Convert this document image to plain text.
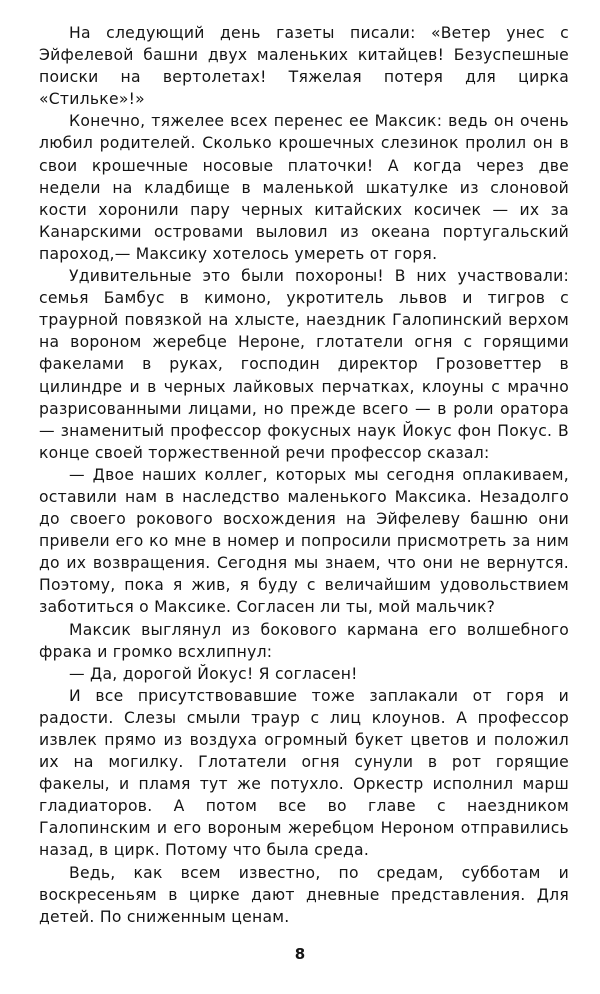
На следующий день газеты писали: «Ветер унес с Эйфелевой башни двух маленьких китайцев! Безуспешные поиски на вертолетах! Тяжелая потеря для цирка «Стильке»!»

Конечно, тяжелее всех перенес ее Максик: ведь он очень любил родителей. Сколько крошечных слезинок пролил он в свои крошечные носовые платочки! А когда через две недели на кладбище в маленькой шкатулке из слоновой кости хоронили пару черных китайских косичек — их за Канарскими островами выловил из океана португальский пароход,— Максику хотелось умереть от горя.

Удивительные это были похороны! В них участвовали: семья Бамбус в кимоно, укротитель львов и тигров с траурной повязкой на хлысте, наездник Галопинский верхом на вороном жеребце Нероне, глотатели огня с горящими факелами в руках, господин директор Грозоветтер в цилиндре и в черных лайковых перчатках, клоуны с мрачно разрисованными лицами, но прежде всего — в роли оратора — знаменитый профессор фокусных наук Йокус фон Покус. В конце своей торжественной речи профессор сказал:

— Двое наших коллег, которых мы сегодня оплакиваем, оставили нам в наследство маленького Максика. Незадолго до своего рокового восхождения на Эйфелеву башню они привели его ко мне в номер и попросили присмотреть за ним до их возвращения. Сегодня мы знаем, что они не вернутся. Поэтому, пока я жив, я буду с величайшим удовольствием заботиться о Максике. Согласен ли ты, мой мальчик?

Максик выглянул из бокового кармана его волшебного фрака и громко всхлипнул:

— Да, дорогой Йокус! Я согласен!

И все присутствовавшие тоже заплакали от горя и радости. Слезы смыли траур с лиц клоунов. А профессор извлек прямо из воздуха огромный букет цветов и положил их на могилку. Глотатели огня сунули в рот горящие факелы, и пламя тут же потухло. Оркестр исполнил марш гладиаторов. А потом все во главе с наездником Галопинским и его вороным жеребцом Нероном отправились назад, в цирк. Потому что была среда.

Ведь, как всем известно, по средам, субботам и воскресеньям в цирке дают дневные представления. Для детей. По сниженным ценам.

8
